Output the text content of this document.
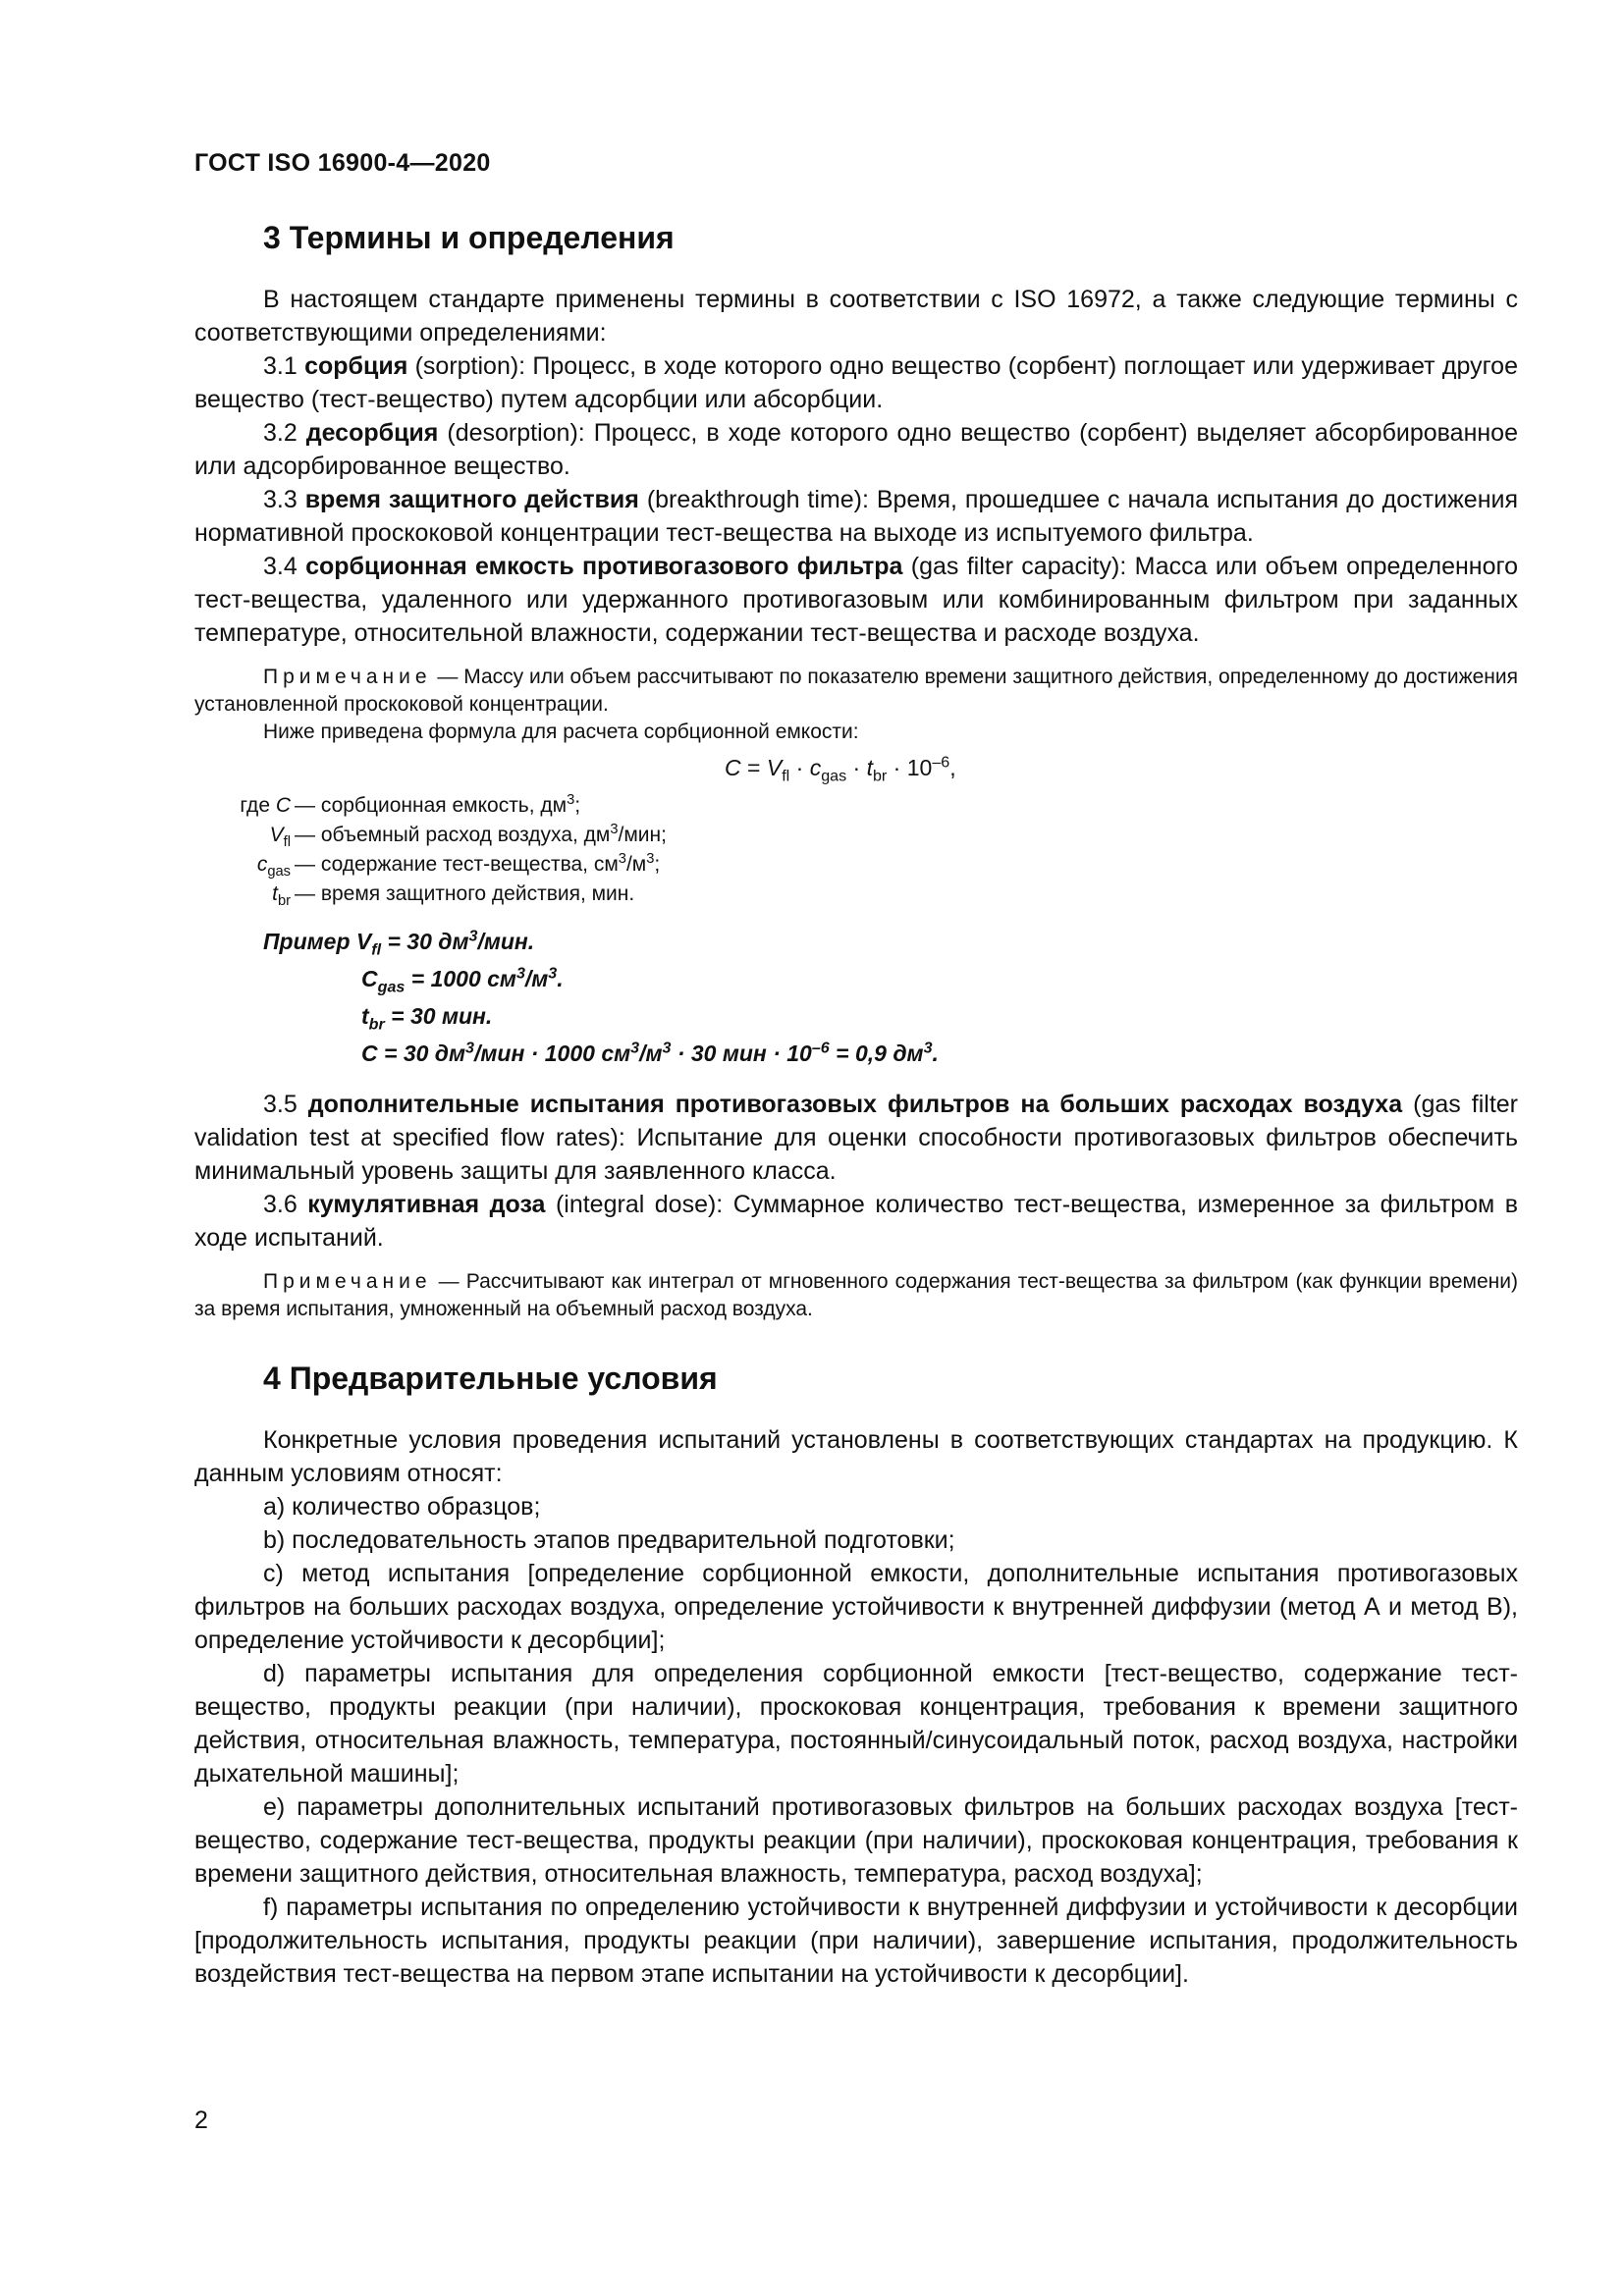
ГОСТ ISO 16900-4—2020
3 Термины и определения

В настоящем стандарте применены термины в соответствии с ISO 16972, а также следующие термины с соответствующими определениями:

3.1 сорбция (sorption): Процесс, в ходе которого одно вещество (сорбент) поглощает или удерживает другое вещество (тест-вещество) путем адсорбции или абсорбции.

3.2 десорбция (desorption): Процесс, в ходе которого одно вещество (сорбент) выделяет абсорбированное или адсорбированное вещество.

3.3 время защитного действия (breakthrough time): Время, прошедшее с начала испытания до достижения нормативной проскоковой концентрации тест-вещества на выходе из испытуемого фильтра.

3.4 сорбционная емкость противогазового фильтра (gas filter capacity): Масса или объем определенного тест-вещества, удаленного или удержанного противогазовым или комбинированным фильтром при заданных температуре, относительной влажности, содержании тест-вещества и расходе воздуха.

Примечание — Массу или объем рассчитывают по показателю времени защитного действия, определенному до достижения установленной проскоковой концентрации.

Ниже приведена формула для расчета сорбционной емкости:

$C = V_{fl} \cdot c_{gas} \cdot t_{br} \cdot 10^{-6}$,
где C — сорбционная емкость, $дм^3$;
$V_{fl}$ — объемный расход воздуха, $дм^3$/мин;
$c_{gas}$ — содержание тест-вещества, $см^3/м^3$;
$t_{br}$ — время защитного действия, мин.
Пример $V_{fl} = 30$ $дм^3$/мин.
$C_{gas} = 1000$ $см^3/м^3$.
$t_{br} = 30$ мин.
C = 30 $дм^3$/мин · 1000 $см^3/м^3 \cdot 30$ мин · $10^{-6} = 0,9$ $дм^3$.

3.5 дополнительные испытания противогазовых фильтров на больших расходах воздуха (gas filter validation test at specified flow rates): Испытание для оценки способности противогазовых фильтров обеспечить минимальный уровень защиты для заявленного класса.

3.6 кумулятивная доза (integral dose): Суммарное количество тест-вещества, измеренное за фильтром в ходе испытаний.

Примечание — Рассчитывают как интеграл от мгновенного содержания тест-вещества за фильтром (как функции времени) за время испытания, умноженный на объемный расход воздуха.

4 Предварительные условия

Конкретные условия проведения испытаний установлены в соответствующих стандартах на продукцию. К данным условиям относят:

a) количество образцов;

b) последовательность этапов предварительной подготовки;

c) метод испытания [определение сорбционной емкости, дополнительные испытания противогазовых фильтров на больших расходах воздуха, определение устойчивости к внутренней диффузии (метод А и метод В), определение устойчивости к десорбции];

d) параметры испытания для определения сорбционной емкости [тест-вещество, содержание тест-вещество, продукты реакции (при наличии), проскоковая концентрация, требования к времени защитного действия, относительная влажность, температура, постоянный/синусоидальный поток, расход воздуха, настройки дыхательной машины];

e) параметры дополнительных испытаний противогазовых фильтров на больших расходах воздуха [тест-вещество, содержание тест-вещества, продукты реакции (при наличии), проскоковая концентрация, требования к времени защитного действия, относительная влажность, температура, расход воздуха];

f) параметры испытания по определению устойчивости к внутренней диффузии и устойчивости к десорбции [продолжительность испытания, продукты реакции (при наличии), завершение испытания, продолжительность воздействия тест-вещества на первом этапе испытании на устойчивости к десорбции].

2
